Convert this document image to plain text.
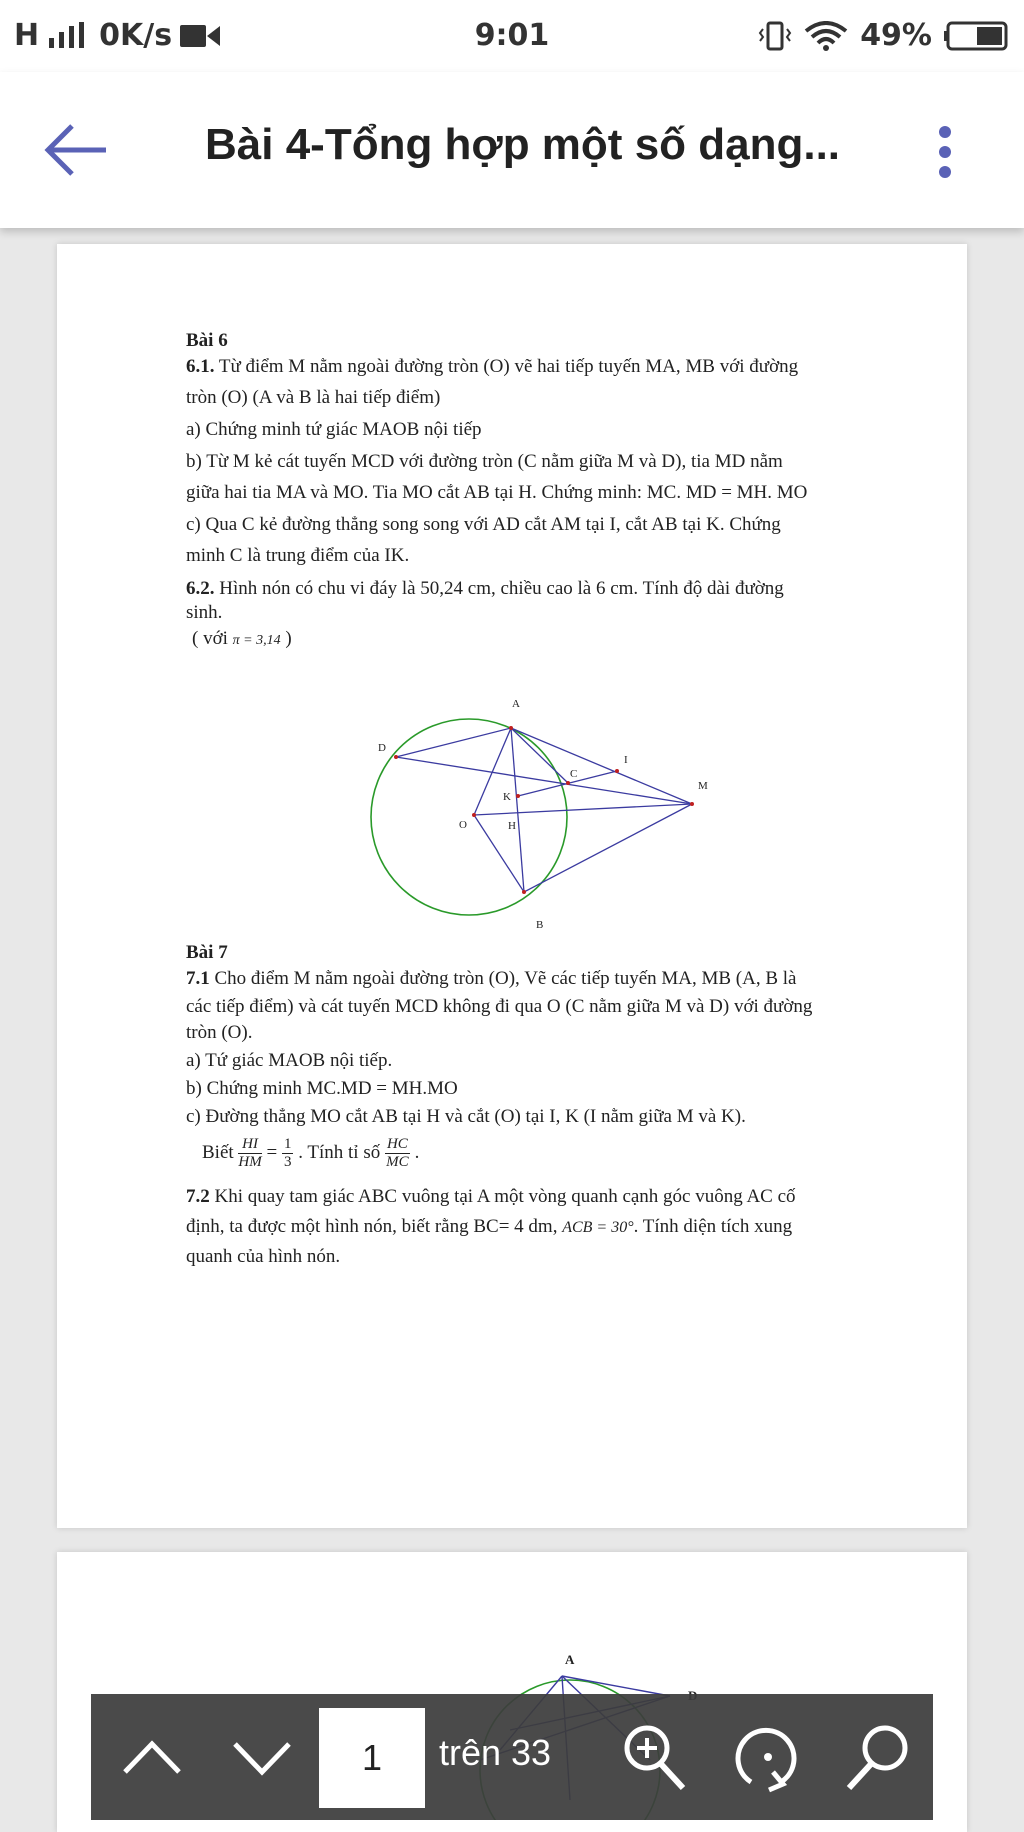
H 0K/s	9:01	49%
Bài 4-Tổng hợp một số dạng...

Bài 6

6.1. Từ điểm M nằm ngoài đường tròn (O) vẽ hai tiếp tuyến MA, MB với đường

tròn (O) (A và B là hai tiếp điểm)

a) Chứng minh tứ giác MAOB nội tiếp

b) Từ M kẻ cát tuyến MCD với đường tròn (C nằm giữa M và D), tia MD nằm

giữa hai tia MA và MO. Tia MO cắt AB tại H. Chứng minh: MC. MD = MH. MO

c) Qua C kẻ đường thẳng song song với AD cắt AM tại I, cắt AB tại K. Chứng

minh C là trung điểm của IK.

6.2. Hình nón có chu vi đáy là 50,24 cm, chiều cao là 6 cm. Tính độ dài đường

sinh.

( với π = 3,14 )

A
B
C
D
I
K
M
O	H

Bài 7

7.1 Cho điểm M nằm ngoài đường tròn (O), Vẽ các tiếp tuyến MA, MB (A, B là

các tiếp điểm) và cát tuyến MCD không đi qua O (C nằm giữa M và D) với đường

tròn (O).

a) Tứ giác MAOB nội tiếp.

b) Chứng minh MC.MD = MH.MO

c) Đường thẳng MO cắt AB tại H và cắt (O) tại I, K (I nằm giữa M và K).

Biết $\frac{HI}{HM} = \frac{1}{3}$ . Tính tỉ số $\frac{HC}{MC}$ .

7.2 Khi quay tam giác ABC vuông tại A một vòng quanh cạnh góc vuông AC cố

định, ta được một hình nón, biết rằng BC= 4 dm, ACB = 30°. Tính diện tích xung

quanh của hình nón.

A
1	trên 33
